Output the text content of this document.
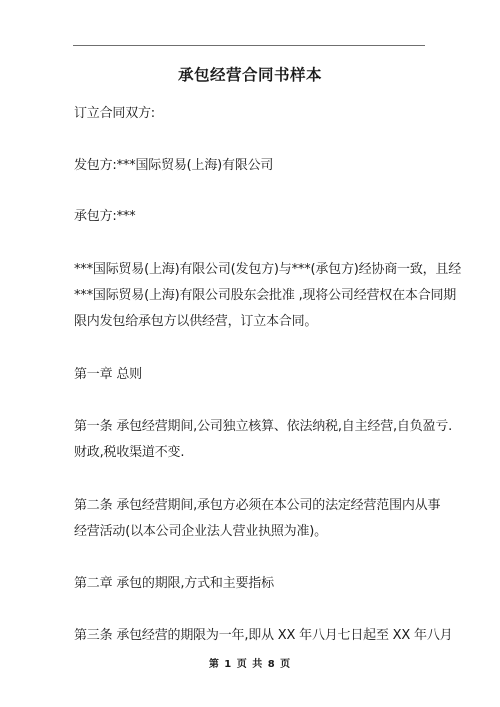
承包经营合同书样本
订立合同双方:
发包方:***国际贸易(上海)有限公司
承包方:***
***国际贸易(上海)有限公司(发包方)与***(承包方)经协商一致，且经
***国际贸易(上海)有限公司股东会批准 ,现将公司经营权在本合同期
限内发包给承包方以供经营，订立本合同。
第一章 总则
第一条 承包经营期间,公司独立核算、依法纳税,自主经营,自负盈亏.
财政,税收渠道不变.
第二条 承包经营期间,承包方必须在本公司的法定经营范围内从事
经营活动(以本公司企业法人营业执照为准)。
第二章 承包的期限,方式和主要指标
第三条 承包经营的期限为一年,即从 XX 年八月七日起至 XX 年八月
第 1 页 共 8 页
